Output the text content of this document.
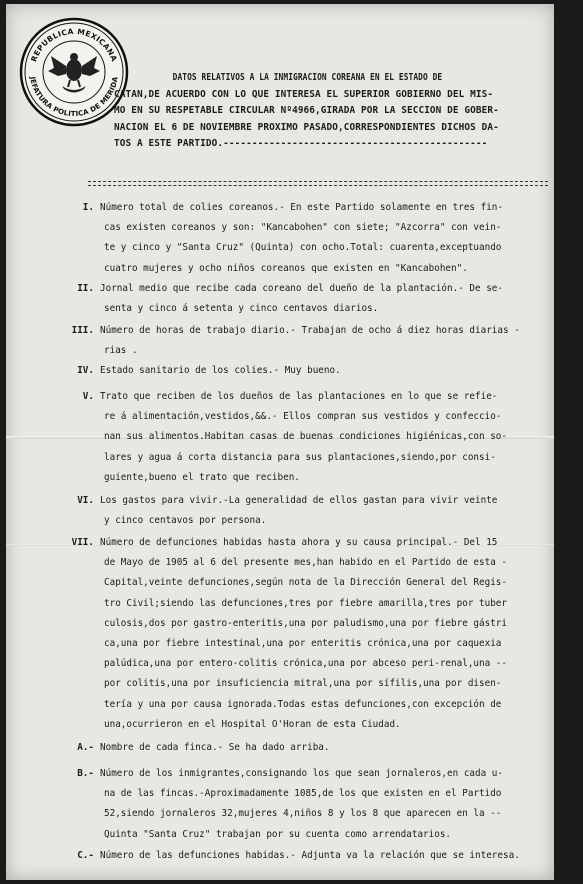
REPUBLICA MEXICANA
JEFATURA POLITICA DE MERIDA	DATOS RELATIVOS A LA INMIGRACION COREANA EN EL ESTADO DE
CATAN,DE ACUERDO CON LO QUE INTERESA EL SUPERIOR GOBIERNO DEL MIS-
MO EN SU RESPETABLE CIRCULAR Nº4966,GIRADA POR LA SECCION DE GOBER-
NACION EL 6 DE NOVIEMBRE PROXIMO PASADO,CORRESPONDIENTES DICHOS DA-
TOS A ESTE PARTIDO.----------------------------------------------
I. Número total de colies coreanos.- En este Partido solamente en tres fin-
cas existen coreanos y son: "Kancabohen" con siete; "Azcorra" con vein-
te y cinco y "Santa Cruz" (Quinta) con ocho.Total: cuarenta,exceptuando
cuatro mujeres y ocho niños coreanos que existen en "Kancabohen".
II. Jornal medio que recibe cada coreano del dueño de la plantación.- De se-
senta y cinco á setenta y cinco centavos diarios.
III. Número de horas de trabajo diario.- Trabajan de ocho á diez horas diarias -
rias .
IV. Estado sanitario de los colies.- Muy bueno.
V. Trato que reciben de los dueños de las plantaciones en lo que se refie-
re á alimentación,vestidos,&&.- Ellos compran sus vestidos y confeccio-
nan sus alimentos.Habitan casas de buenas condiciones higiénicas,con so-
lares y agua á corta distancia para sus plantaciones,siendo,por consi-
guiente,bueno el trato que reciben.
VI. Los gastos para vivir.-La generalidad de ellos gastan para vivir veinte
y cinco centavos por persona.
VII. Número de defunciones habidas hasta ahora y su causa principal.- Del 15
de Mayo de 1905 al 6 del presente mes,han habido en el Partido de esta -
Capital,veinte defunciones,según nota de la Dirección General del Regis-
tro Civil;siendo las defunciones,tres por fiebre amarilla,tres por tuber
culosis,dos por gastro-enteritis,una por paludismo,una por fiebre gástri
ca,una por fiebre intestinal,una por enteritis crónica,una por caquexia
palúdica,una por entero-colitis crónica,una por abceso peri-renal,una --
por colitis,una por insuficiencia mitral,una por sífilis,una por disen-
tería y una por causa ignorada.Todas estas defunciones,con excepción de
una,ocurrieron en el Hospital O'Horan de esta Ciudad.
A.- Nombre de cada finca.- Se ha dado arriba.
B.- Número de los inmigrantes,consignando los que sean jornaleros,en cada u-
na de las fincas.-Aproximadamente 1085,de los que existen en el Partido
52,siendo jornaleros 32,mujeres 4,niños 8 y los 8 que aparecen en la --
Quinta "Santa Cruz" trabajan por su cuenta como arrendatarios.
C.- Número de las defunciones habidas.- Adjunta va la relación que se interesa.
